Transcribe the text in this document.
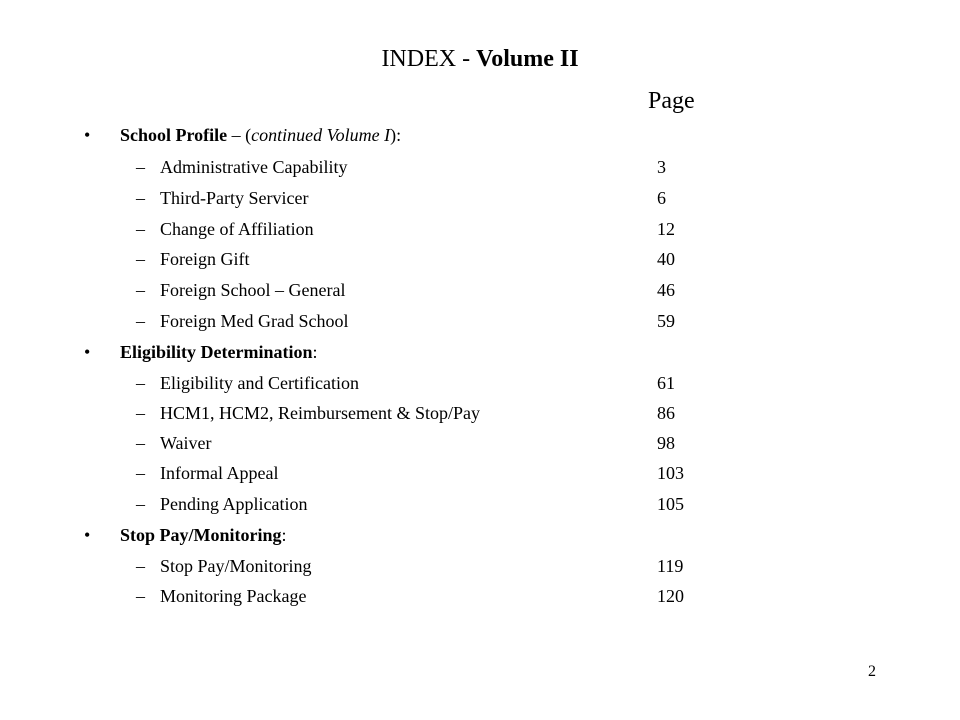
INDEX - Volume II
Page
• School Profile – (continued Volume I):
– Administrative Capability	3
– Third-Party Servicer	6
– Change of Affiliation	12
– Foreign Gift	40
– Foreign School – General	46
– Foreign Med Grad School	59
• Eligibility Determination:
– Eligibility and Certification	61
– HCM1, HCM2, Reimbursement & Stop/Pay	86
– Waiver	98
– Informal Appeal	103
– Pending Application	105
• Stop Pay/Monitoring:
– Stop Pay/Monitoring	119
– Monitoring Package	120
2
